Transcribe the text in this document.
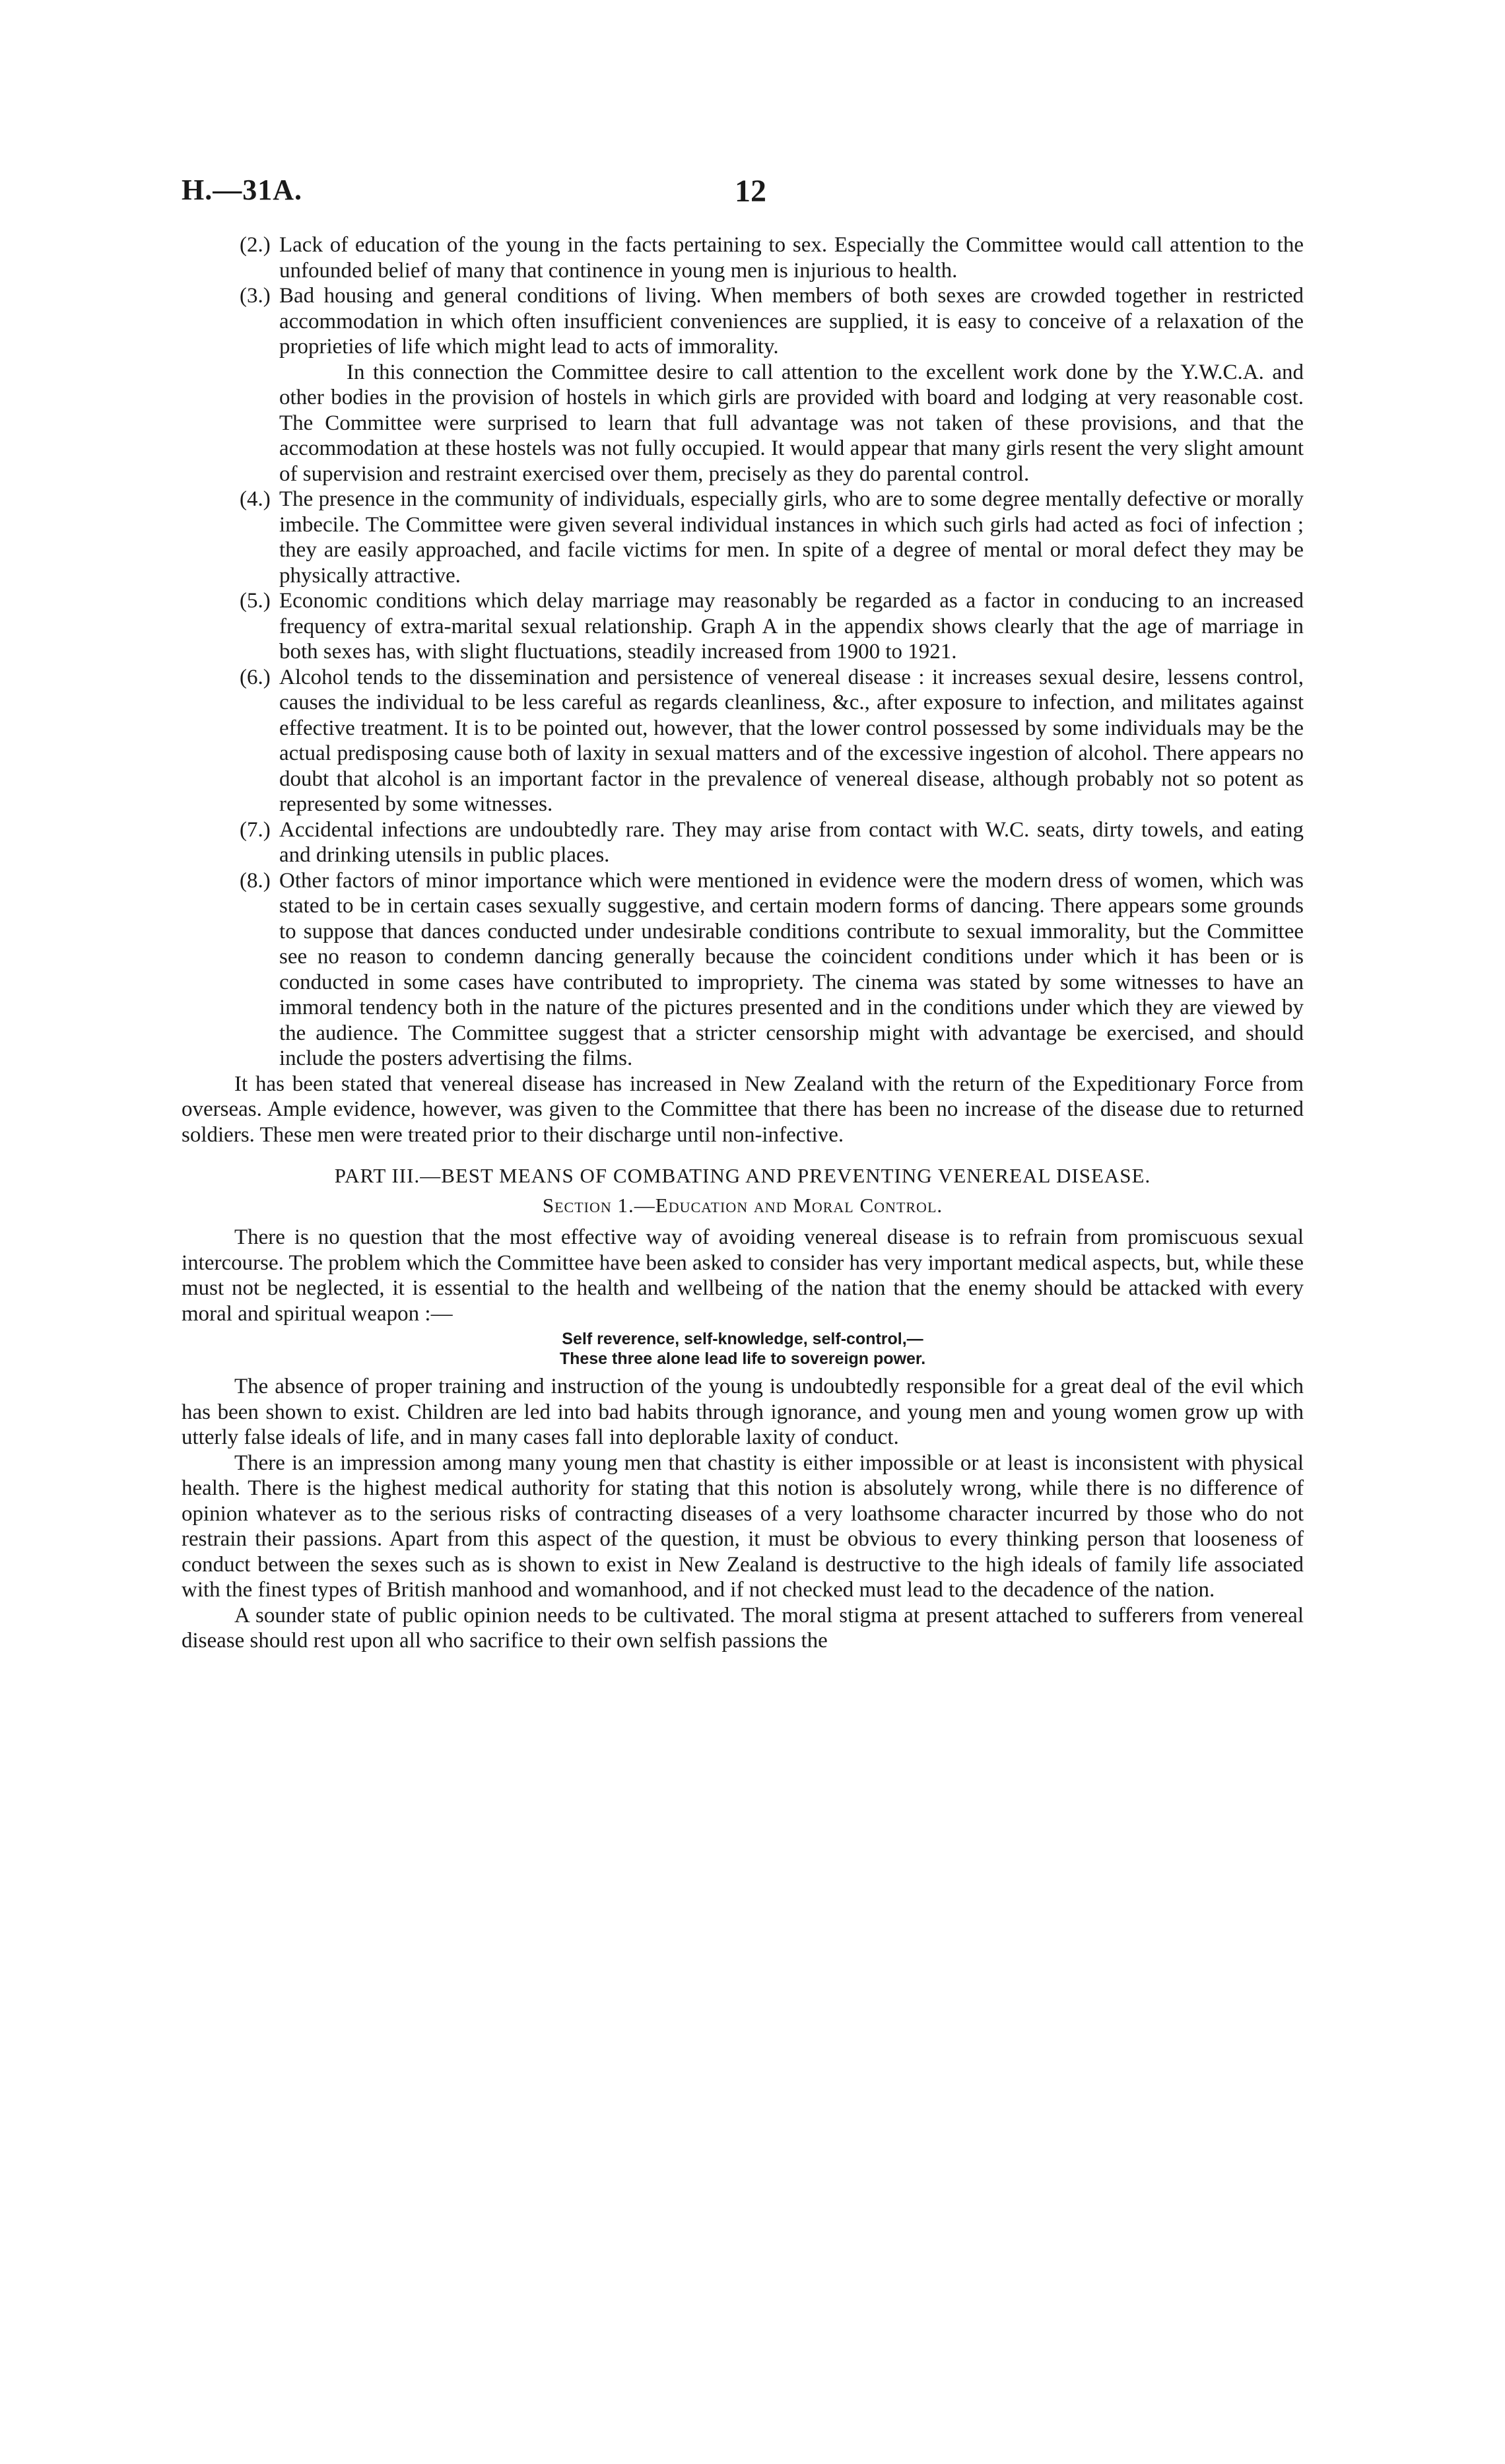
H.—31A.	12
(2.) Lack of education of the young in the facts pertaining to sex. Especially the Committee would call attention to the unfounded belief of many that continence in young men is injurious to health.

(3.) Bad housing and general conditions of living. When members of both sexes are crowded together in restricted accommodation in which often insufficient conveniences are supplied, it is easy to conceive of a relaxation of the proprieties of life which might lead to acts of immorality.

In this connection the Committee desire to call attention to the excellent work done by the Y.W.C.A. and other bodies in the provision of hostels in which girls are provided with board and lodging at very reasonable cost. The Committee were surprised to learn that full advantage was not taken of these provisions, and that the accommodation at these hostels was not fully occupied. It would appear that many girls resent the very slight amount of supervision and restraint exercised over them, precisely as they do parental control.

(4.) The presence in the community of individuals, especially girls, who are to some degree mentally defective or morally imbecile. The Committee were given several individual instances in which such girls had acted as foci of infection ; they are easily approached, and facile victims for men. In spite of a degree of mental or moral defect they may be physically attractive.

(5.) Economic conditions which delay marriage may reasonably be regarded as a factor in conducing to an increased frequency of extra-marital sexual relationship. Graph A in the appendix shows clearly that the age of marriage in both sexes has, with slight fluctuations, steadily increased from 1900 to 1921.

(6.) Alcohol tends to the dissemination and persistence of venereal disease : it increases sexual desire, lessens control, causes the individual to be less careful as regards cleanliness, &c., after exposure to infection, and militates against effective treatment. It is to be pointed out, however, that the lower control possessed by some individuals may be the actual predisposing cause both of laxity in sexual matters and of the excessive ingestion of alcohol. There appears no doubt that alcohol is an important factor in the prevalence of venereal disease, although probably not so potent as represented by some witnesses.

(7.) Accidental infections are undoubtedly rare. They may arise from contact with W.C. seats, dirty towels, and eating and drinking utensils in public places.

(8.) Other factors of minor importance which were mentioned in evidence were the modern dress of women, which was stated to be in certain cases sexually suggestive, and certain modern forms of dancing. There appears some grounds to suppose that dances conducted under undesirable conditions contribute to sexual immorality, but the Committee see no reason to condemn dancing generally because the coincident conditions under which it has been or is conducted in some cases have contributed to impropriety. The cinema was stated by some witnesses to have an immoral tendency both in the nature of the pictures presented and in the conditions under which they are viewed by the audience. The Committee suggest that a stricter censorship might with advantage be exercised, and should include the posters advertising the films.

It has been stated that venereal disease has increased in New Zealand with the return of the Expeditionary Force from overseas. Ample evidence, however, was given to the Committee that there has been no increase of the disease due to returned soldiers. These men were treated prior to their discharge until non-infective.

PART III.—BEST MEANS OF COMBATING AND PREVENTING VENEREAL DISEASE.
Section 1.—Education and Moral Control.

There is no question that the most effective way of avoiding venereal disease is to refrain from promiscuous sexual intercourse. The problem which the Committee have been asked to consider has very important medical aspects, but, while these must not be neglected, it is essential to the health and wellbeing of the nation that the enemy should be attacked with every moral and spiritual weapon :—

Self reverence, self-knowledge, self-control,—
These three alone lead life to sovereign power.

The absence of proper training and instruction of the young is undoubtedly responsible for a great deal of the evil which has been shown to exist. Children are led into bad habits through ignorance, and young men and young women grow up with utterly false ideals of life, and in many cases fall into deplorable laxity of conduct.

There is an impression among many young men that chastity is either impossible or at least is inconsistent with physical health. There is the highest medical authority for stating that this notion is absolutely wrong, while there is no difference of opinion whatever as to the serious risks of contracting diseases of a very loathsome character incurred by those who do not restrain their passions. Apart from this aspect of the question, it must be obvious to every thinking person that looseness of conduct between the sexes such as is shown to exist in New Zealand is destructive to the high ideals of family life associated with the finest types of British manhood and womanhood, and if not checked must lead to the decadence of the nation.

A sounder state of public opinion needs to be cultivated. The moral stigma at present attached to sufferers from venereal disease should rest upon all who sacrifice to their own selfish passions the
